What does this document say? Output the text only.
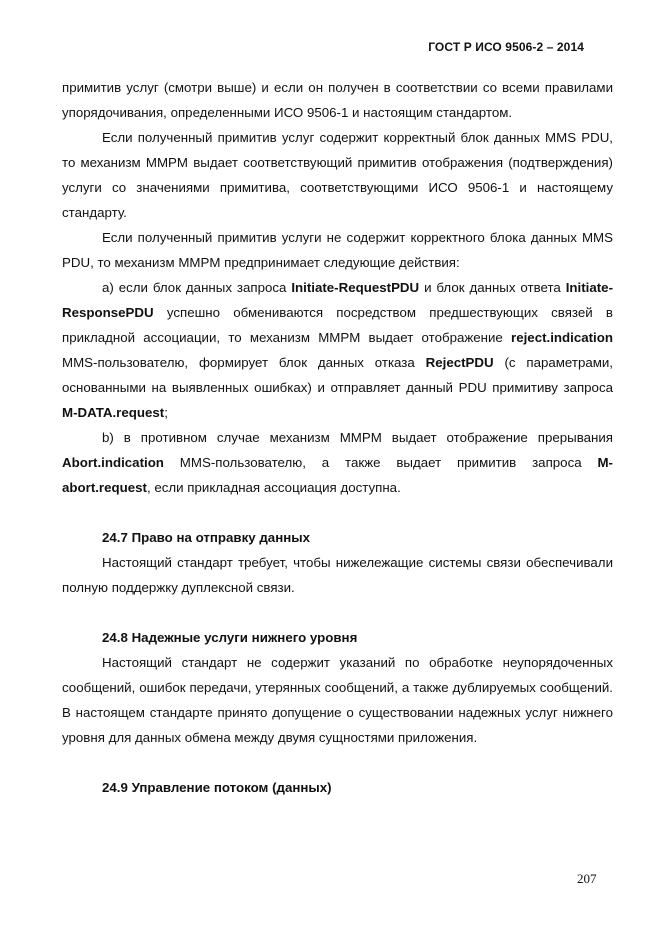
ГОСТ Р ИСО 9506-2 – 2014

примитив услуг (смотри выше) и если он получен в соответствии со всеми правилами упорядочивания, определенными ИСО 9506-1 и настоящим стандартом.

Если полученный примитив услуг содержит корректный блок данных MMS PDU, то механизм MMPM выдает соответствующий примитив отображения (подтверждения) услуги со значениями примитива, соответствующими ИСО 9506-1 и настоящему стандарту.

Если полученный примитив услуги не содержит корректного блока данных MMS PDU, то механизм MMPM предпринимает следующие действия:

а) если блок данных запроса Initiate-RequestPDU и блок данных ответа Initiate-ResponsePDU успешно обмениваются посредством предшествующих связей в прикладной ассоциации, то механизм MMPM выдает отображение reject.indication MMS-пользователю, формирует блок данных отказа RejectPDU (с параметрами, основанными на выявленных ошибках) и отправляет данный PDU примитиву запроса M-DATA.request;

b) в противном случае механизм MMPM выдает отображение прерывания Abort.indication MMS-пользователю, а также выдает примитив запроса M-abort.request, если прикладная ассоциация доступна.

24.7 Право на отправку данных

Настоящий стандарт требует, чтобы нижележащие системы связи обеспечивали полную поддержку дуплексной связи.

24.8 Надежные услуги нижнего уровня

Настоящий стандарт не содержит указаний по обработке неупорядоченных сообщений, ошибок передачи, утерянных сообщений, а также дублируемых сообщений. В настоящем стандарте принято допущение о существовании надежных услуг нижнего уровня для данных обмена между двумя сущностями приложения.

24.9 Управление потоком (данных)
207
